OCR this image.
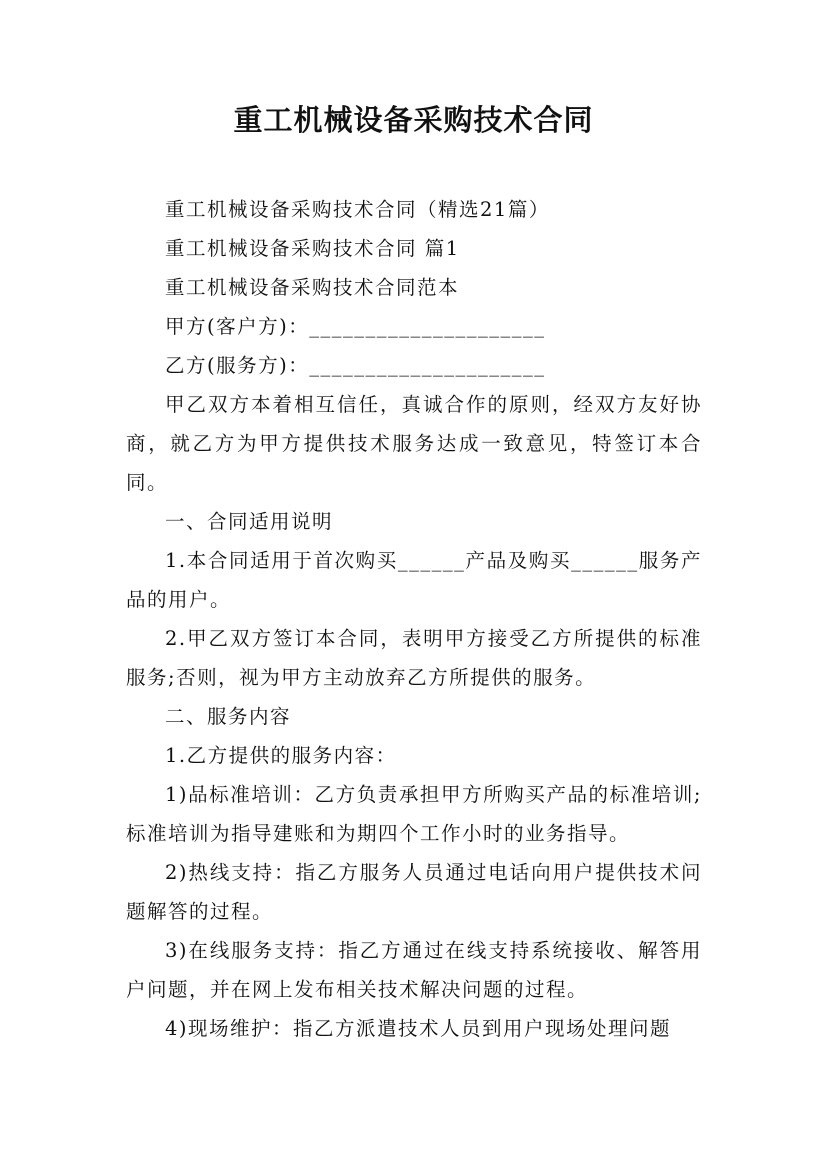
重工机械设备采购技术合同

重工机械设备采购技术合同（精选21篇）

重工机械设备采购技术合同 篇1

重工机械设备采购技术合同范本

甲方(客户方)：_____________________

乙方(服务方)：_____________________

甲乙双方本着相互信任，真诚合作的原则，经双方友好协商，就乙方为甲方提供技术服务达成一致意见，特签订本合同。

一、合同适用说明

1.本合同适用于首次购买______产品及购买______服务产品的用户。

2.甲乙双方签订本合同，表明甲方接受乙方所提供的标准服务;否则，视为甲方主动放弃乙方所提供的服务。

二、服务内容

1.乙方提供的服务内容：

1)品标准培训：乙方负责承担甲方所购买产品的标准培训;标准培训为指导建账和为期四个工作小时的业务指导。

2)热线支持：指乙方服务人员通过电话向用户提供技术问题解答的过程。

3)在线服务支持：指乙方通过在线支持系统接收、解答用户问题，并在网上发布相关技术解决问题的过程。

4)现场维护：指乙方派遣技术人员到用户现场处理问题
